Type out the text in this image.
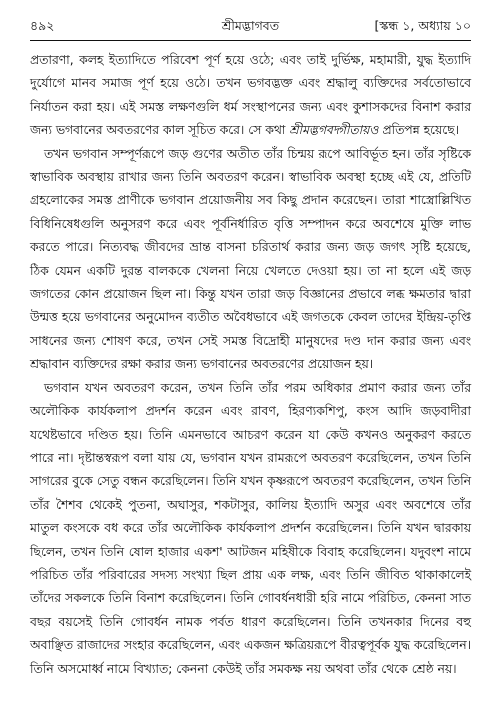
৪৯২	শ্রীমদ্ভাগবত	[স্কন্ধ ১, অধ্যায় ১০

প্রতারণা, কলহ ইত্যাদিতে পরিবেশ পূর্ণ হয়ে ওঠে; এবং তাই দুর্ভিক্ষ, মহামারী, যুদ্ধ ইত্যাদি দুর্যোগে মানব সমাজ পূর্ণ হয়ে ওঠে। তখন ভগবদ্ভক্ত এবং শ্রদ্ধালু ব্যক্তিদের সর্বতোভাবে নির্যাতন করা হয়। এই সমস্ত লক্ষণগুলি ধর্ম সংস্থাপনের জন্য এবং কুশাসকদের বিনাশ করার জন্য ভগবানের অবতরণের কাল সূচিত করে। সে কথা শ্রীমদ্ভগবদ্গীতায়ও প্রতিপন্ন হয়েছে।

তখন ভগবান সম্পূর্ণরূপে জড় গুণের অতীত তাঁর চিন্ময় রূপে আবির্ভূত হন। তাঁর সৃষ্টিকে স্বাভাবিক অবস্থায় রাখার জন্য তিনি অবতরণ করেন। স্বাভাবিক অবস্থা হচ্ছে এই যে, প্রতিটি গ্রহলোকের সমস্ত প্রাণীকে ভগবান প্রয়োজনীয় সব কিছু প্রদান করেছেন। তারা শাস্ত্রোল্লিখিত বিধিনিষেধগুলি অনুসরণ করে এবং পূর্বনির্ধারিত বৃত্তি সম্পাদন করে অবশেষে মুক্তি লাভ করতে পারে। নিত্যবদ্ধ জীবদের ভ্রান্ত বাসনা চরিতার্থ করার জন্য জড় জগৎ সৃষ্টি হয়েছে, ঠিক যেমন একটি দুরন্ত বালককে খেলনা নিয়ে খেলতে দেওয়া হয়। তা না হলে এই জড় জগতের কোন প্রয়োজন ছিল না। কিন্তু যখন তারা জড় বিজ্ঞানের প্রভাবে লব্ধ ক্ষমতার দ্বারা উন্মত্ত হয়ে ভগবানের অনুমোদন ব্যতীত অবৈধভাবে এই জগতকে কেবল তাদের ইন্দ্রিয়-তৃপ্তি সাধনের জন্য শোষণ করে, তখন সেই সমস্ত বিদ্রোহী মানুষদের দণ্ড দান করার জন্য এবং শ্রদ্ধাবান ব্যক্তিদের রক্ষা করার জন্য ভগবানের অবতরণের প্রয়োজন হয়।

ভগবান যখন অবতরণ করেন, তখন তিনি তাঁর পরম অধিকার প্রমাণ করার জন্য তাঁর অলৌকিক কার্যকলাপ প্রদর্শন করেন এবং রাবণ, হিরণ্যকশিপু, কংস আদি জড়বাদীরা যথেষ্টভাবে দণ্ডিত হয়। তিনি এমনভাবে আচরণ করেন যা কেউ কখনও অনুকরণ করতে পারে না। দৃষ্টান্তস্বরূপ বলা যায় যে, ভগবান যখন রামরূপে অবতরণ করেছিলেন, তখন তিনি সাগরের বুকে সেতু বন্ধন করেছিলেন। তিনি যখন কৃষ্ণরূপে অবতরণ করেছিলেন, তখন তিনি তাঁর শৈশব থেকেই পুতনা, অঘাসুর, শকটাসুর, কালিয় ইত্যাদি অসুর এবং অবশেষে তাঁর মাতুল কংসকে বধ করে তাঁর অলৌকিক কার্যকলাপ প্রদর্শন করেছিলেন। তিনি যখন দ্বারকায় ছিলেন, তখন তিনি ষোল হাজার একশ' আটজন মহিষীকে বিবাহ করেছিলেন। যদুবংশ নামে পরিচিত তাঁর পরিবারের সদস্য সংখ্যা ছিল প্রায় এক লক্ষ, এবং তিনি জীবিত থাকাকালেই তাঁদের সকলকে তিনি বিনাশ করেছিলেন। তিনি গোবর্ধনধারী হরি নামে পরিচিত, কেননা সাত বছর বয়সেই তিনি গোবর্ধন নামক পর্বত ধারণ করেছিলেন। তিনি তখনকার দিনের বহু অবাঞ্ছিত রাজাদের সংহার করেছিলেন, এবং একজন ক্ষত্রিয়রূপে বীরত্বপূর্বক যুদ্ধ করেছিলেন। তিনি অসমোর্ধ্ব নামে বিখ্যাত; কেননা কেউই তাঁর সমকক্ষ নয় অথবা তাঁর থেকে শ্রেষ্ঠ নয়।
